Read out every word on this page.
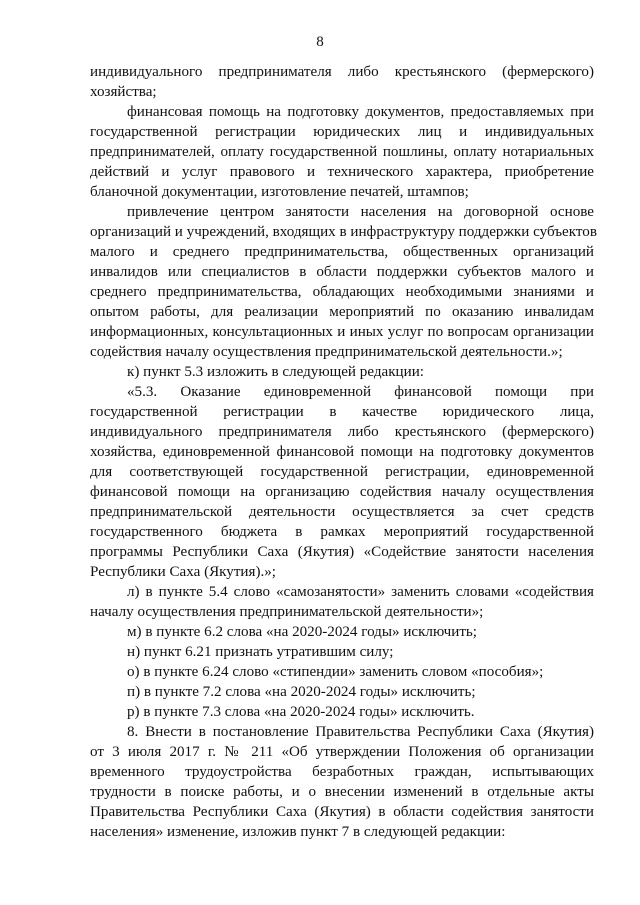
8
индивидуального предпринимателя либо крестьянского (фермерского)
хозяйства;
финансовая помощь на подготовку документов, предоставляемых при
государственной регистрации юридических лиц и индивидуальных
предпринимателей, оплату государственной пошлины, оплату нотариальных
действий и услуг правового и технического характера, приобретение
бланочной документации, изготовление печатей, штампов;
привлечение центром занятости населения на договорной основе
организаций и учреждений, входящих в инфраструктуру поддержки субъектов
малого и среднего предпринимательства, общественных организаций
инвалидов или специалистов в области поддержки субъектов малого и
среднего предпринимательства, обладающих необходимыми знаниями и
опытом работы, для реализации мероприятий по оказанию инвалидам
информационных, консультационных и иных услуг по вопросам организации
содействия началу осуществления предпринимательской деятельности.»;
к) пункт 5.3 изложить в следующей редакции:
«5.3. Оказание единовременной финансовой помощи при
государственной регистрации в качестве юридического лица,
индивидуального предпринимателя либо крестьянского (фермерского)
хозяйства, единовременной финансовой помощи на подготовку документов
для соответствующей государственной регистрации, единовременной
финансовой помощи на организацию содействия началу осуществления
предпринимательской деятельности осуществляется за счет средств
государственного бюджета в рамках мероприятий государственной
программы Республики Саха (Якутия) «Содействие занятости населения
Республики Саха (Якутия).»;
л) в пункте 5.4 слово «самозанятости» заменить словами «содействия
началу осуществления предпринимательской деятельности»;
м) в пункте 6.2 слова «на 2020-2024 годы» исключить;
н) пункт 6.21 признать утратившим силу;
о) в пункте 6.24 слово «стипендии» заменить словом «пособия»;
п) в пункте 7.2 слова «на 2020-2024 годы» исключить;
р) в пункте 7.3 слова «на 2020-2024 годы» исключить.
8. Внести в постановление Правительства Республики Саха (Якутия)
от 3 июля 2017 г. № 211 «Об утверждении Положения об организации
временного трудоустройства безработных граждан, испытывающих
трудности в поиске работы, и о внесении изменений в отдельные акты
Правительства Республики Саха (Якутия) в области содействия занятости
населения» изменение, изложив пункт 7 в следующей редакции:
